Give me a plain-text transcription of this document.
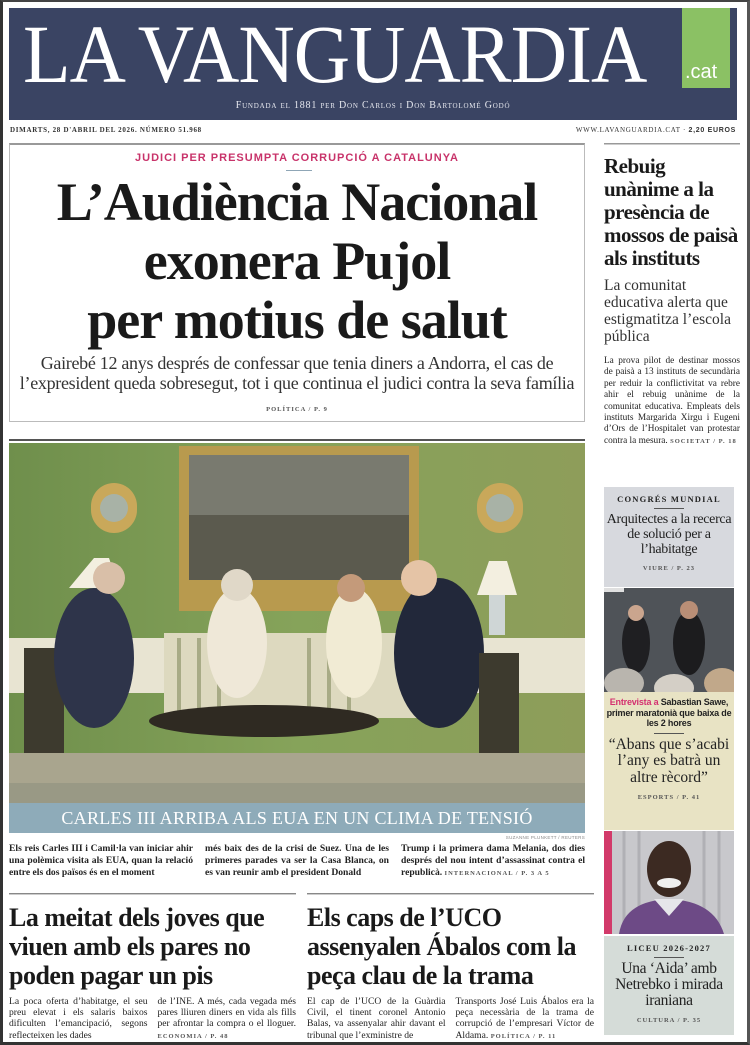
LA VANGUARDIA .cat
Fundada el 1881 per Don Carlos i Don Bartolomé Godó
DIMARTS, 28 D'ABRIL DEL 2026. NÚMERO 51.968	WWW.LAVANGUARDIA.CAT · 2,20 EUROS
JUDICI PER PRESUMPTA CORRUPCIÓ A CATALUNYA
L’Audiència Nacional
exonera Pujol
per motius de salut
Gairebé 12 anys després de confessar que tenia diners a Andorra, el cas de
l’expresident queda sobresegut, tot i que continua el judici contra la seva família
POLÍTICA / P. 9
Rebuig unànime a la presència de mossos de paisà als instituts
La comunitat educativa alerta que estigmatitza l’escola pública

La prova pilot de destinar mossos de paisà a 13 instituts de secundària per reduir la conflictivitat va rebre ahir el rebuig unànime de la comunitat educativa. Empleats dels instituts Margarida Xirgu i Eugeni d’Ors de l’Hospitalet van protestar contra la mesura. SOCIETAT / P. 18

CARLES III ARRIBA ALS EUA EN UN CLIMA DE TENSIÓ
SUZANNE PLUNKETT / REUTERS
Els reis Carles III i Camil·la van iniciar ahir una polèmica visita als EUA, quan la relació entre els dos països és en el moment
més baix des de la crisi de Suez. Una de les primeres parades va ser la Casa Blanca, on es van reunir amb el president Donald
Trump i la primera dama Melania, dos dies després del nou intent d’assassinat contra el republicà. INTERNACIONAL / P. 3 A 5
La meitat dels joves que viuen amb els pares no poden pagar un pis
La poca oferta d’habitatge, el seu preu elevat i els salaris baixos dificulten l’emancipació, segons reflecteixen les dades
de l’INE. A més, cada vegada més pares lliuren diners en vida als fills per afrontar la compra o el lloguer. ECONOMIA / P. 48
Els caps de l’UCO assenyalen Ábalos com la peça clau de la trama
El cap de l’UCO de la Guàrdia Civil, el tinent coronel Antonio Balas, va assenyalar ahir davant el tribunal que l’exministre de
Transports José Luis Ábalos era la peça necessària de la trama de corrupció de l’empresari Víctor de Aldama. POLÍTICA / P. 11
CONGRÉS MUNDIAL
Arquitectes a la recerca de solució per a l’habitatge
VIURE / P. 23
Entrevista a Sabastian Sawe, primer maratonià que baixa de les 2 hores
“Abans que s’acabi l’any es batrà un altre rècord”
ESPORTS / P. 41
LICEU 2026-2027
Una ‘Aida’ amb Netrebko i mirada iraniana
CULTURA / P. 35
